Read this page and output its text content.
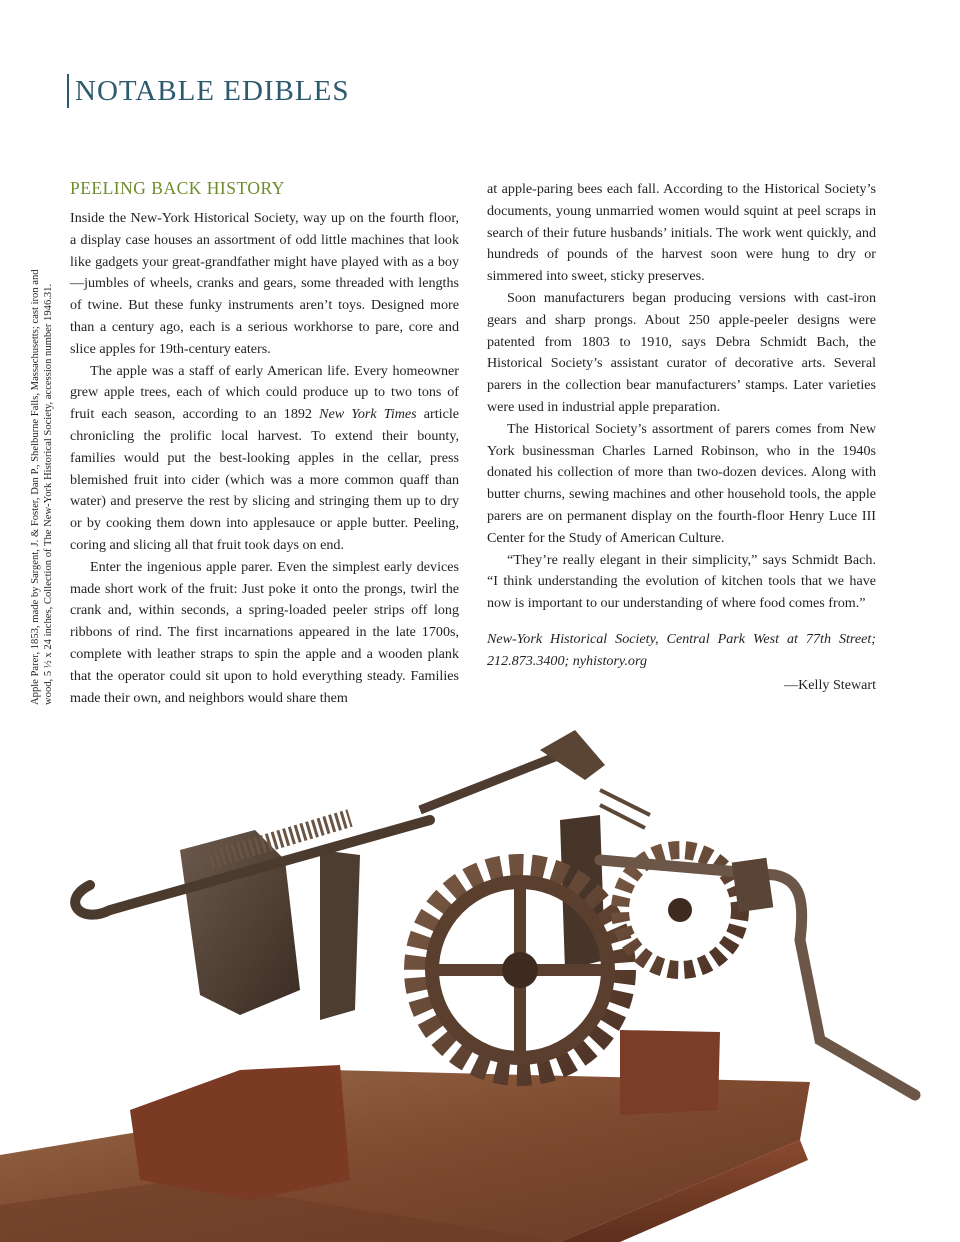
NOTABLE EDIBLES
Apple Parer, 1853, made by Sargent, J. & Foster, Dan P., Shelburne Falls, Massachusetts; cast iron and wood, 5 ½ x 24 inches, Collection of The New-York Historical Society, accession number 1946.31.
PEELING BACK HISTORY

Inside the New-York Historical Society, way up on the fourth floor, a display case houses an assortment of odd little machines that look like gadgets your great-grandfather might have played with as a boy—jumbles of wheels, cranks and gears, some threaded with lengths of twine. But these funky instruments aren’t toys. Designed more than a century ago, each is a serious workhorse to pare, core and slice apples for 19th-century eaters.

The apple was a staff of early American life. Every homeowner grew apple trees, each of which could produce up to two tons of fruit each season, according to an 1892 New York Times article chronicling the prolific local harvest. To extend their bounty, families would put the best-looking apples in the cellar, press blemished fruit into cider (which was a more common quaff than water) and preserve the rest by slicing and stringing them up to dry or by cooking them down into applesauce or apple butter. Peeling, coring and slicing all that fruit took days on end.

Enter the ingenious apple parer. Even the simplest early devices made short work of the fruit: Just poke it onto the prongs, twirl the crank and, within seconds, a spring-loaded peeler strips off long ribbons of rind. The first incarnations appeared in the late 1700s, complete with leather straps to spin the apple and a wooden plank that the operator could sit upon to hold everything steady. Families made their own, and neighbors would share them

at apple-paring bees each fall. According to the Historical Society’s documents, young unmarried women would squint at peel scraps in search of their future husbands’ initials. The work went quickly, and hundreds of pounds of the harvest soon were hung to dry or simmered into sweet, sticky preserves.

Soon manufacturers began producing versions with cast-iron gears and sharp prongs. About 250 apple-peeler designs were patented from 1803 to 1910, says Debra Schmidt Bach, the Historical Society’s assistant curator of decorative arts. Several parers in the collection bear manufacturers’ stamps. Later varieties were used in industrial apple preparation.

The Historical Society’s assortment of parers comes from New York businessman Charles Larned Robinson, who in the 1940s donated his collection of more than two-dozen devices. Along with butter churns, sewing machines and other household tools, the apple parers are on permanent display on the fourth-floor Henry Luce III Center for the Study of American Culture.

“They’re really elegant in their simplicity,” says Schmidt Bach. “I think understanding the evolution of kitchen tools that we have now is important to our understanding of where food comes from.”

New-York Historical Society, Central Park West at 77th Street; 212.873.3400; nyhistory.org

—Kelly Stewart
